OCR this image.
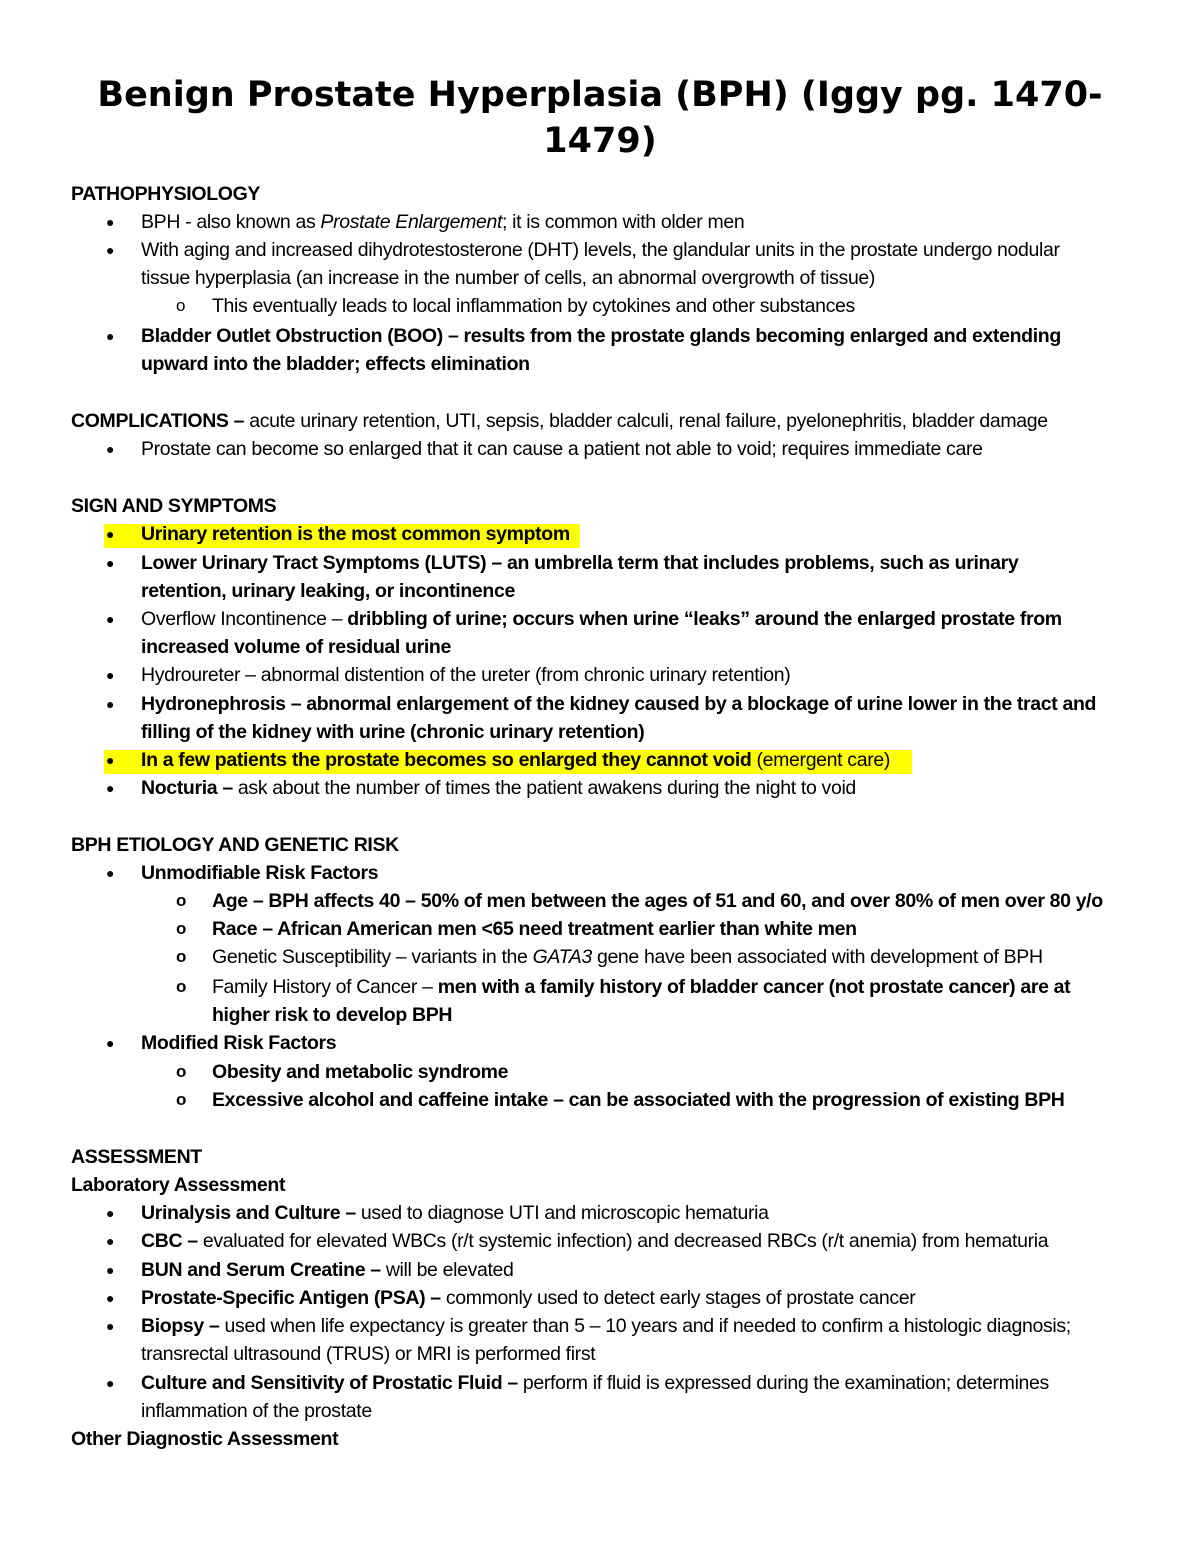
Benign Prostate Hyperplasia (BPH) (Iggy pg. 1470-1479)
PATHOPHYSIOLOGY
● BPH - also known as Prostate Enlargement; it is common with older men
● With aging and increased dihydrotestosterone (DHT) levels, the glandular units in the prostate undergo nodular
tissue hyperplasia (an increase in the number of cells, an abnormal overgrowth of tissue)
o This eventually leads to local inflammation by cytokines and other substances
● Bladder Outlet Obstruction (BOO) – results from the prostate glands becoming enlarged and extending
upward into the bladder; effects elimination
COMPLICATIONS – acute urinary retention, UTI, sepsis, bladder calculi, renal failure, pyelonephritis, bladder damage
● Prostate can become so enlarged that it can cause a patient not able to void; requires immediate care
SIGN AND SYMPTOMS
● Urinary retention is the most common symptom
● Lower Urinary Tract Symptoms (LUTS) – an umbrella term that includes problems, such as urinary
retention, urinary leaking, or incontinence
● Overflow Incontinence – dribbling of urine; occurs when urine “leaks” around the enlarged prostate from
increased volume of residual urine
● Hydroureter – abnormal distention of the ureter (from chronic urinary retention)
● Hydronephrosis – abnormal enlargement of the kidney caused by a blockage of urine lower in the tract and
filling of the kidney with urine (chronic urinary retention)
● In a few patients the prostate becomes so enlarged they cannot void (emergent care)
● Nocturia – ask about the number of times the patient awakens during the night to void
BPH ETIOLOGY AND GENETIC RISK
● Unmodifiable Risk Factors
o Age – BPH affects 40 – 50% of men between the ages of 51 and 60, and over 80% of men over 80 y/o
o Race – African American men <65 need treatment earlier than white men
o Genetic Susceptibility – variants in the GATA3 gene have been associated with development of BPH
o Family History of Cancer – men with a family history of bladder cancer (not prostate cancer) are at
higher risk to develop BPH
● Modified Risk Factors
o Obesity and metabolic syndrome
o Excessive alcohol and caffeine intake – can be associated with the progression of existing BPH
ASSESSMENT
Laboratory Assessment
● Urinalysis and Culture – used to diagnose UTI and microscopic hematuria
● CBC – evaluated for elevated WBCs (r/t systemic infection) and decreased RBCs (r/t anemia) from hematuria
● BUN and Serum Creatine – will be elevated
● Prostate-Specific Antigen (PSA) – commonly used to detect early stages of prostate cancer
● Biopsy – used when life expectancy is greater than 5 – 10 years and if needed to confirm a histologic diagnosis;
transrectal ultrasound (TRUS) or MRI is performed first
● Culture and Sensitivity of Prostatic Fluid – perform if fluid is expressed during the examination; determines
inflammation of the prostate
Other Diagnostic Assessment
